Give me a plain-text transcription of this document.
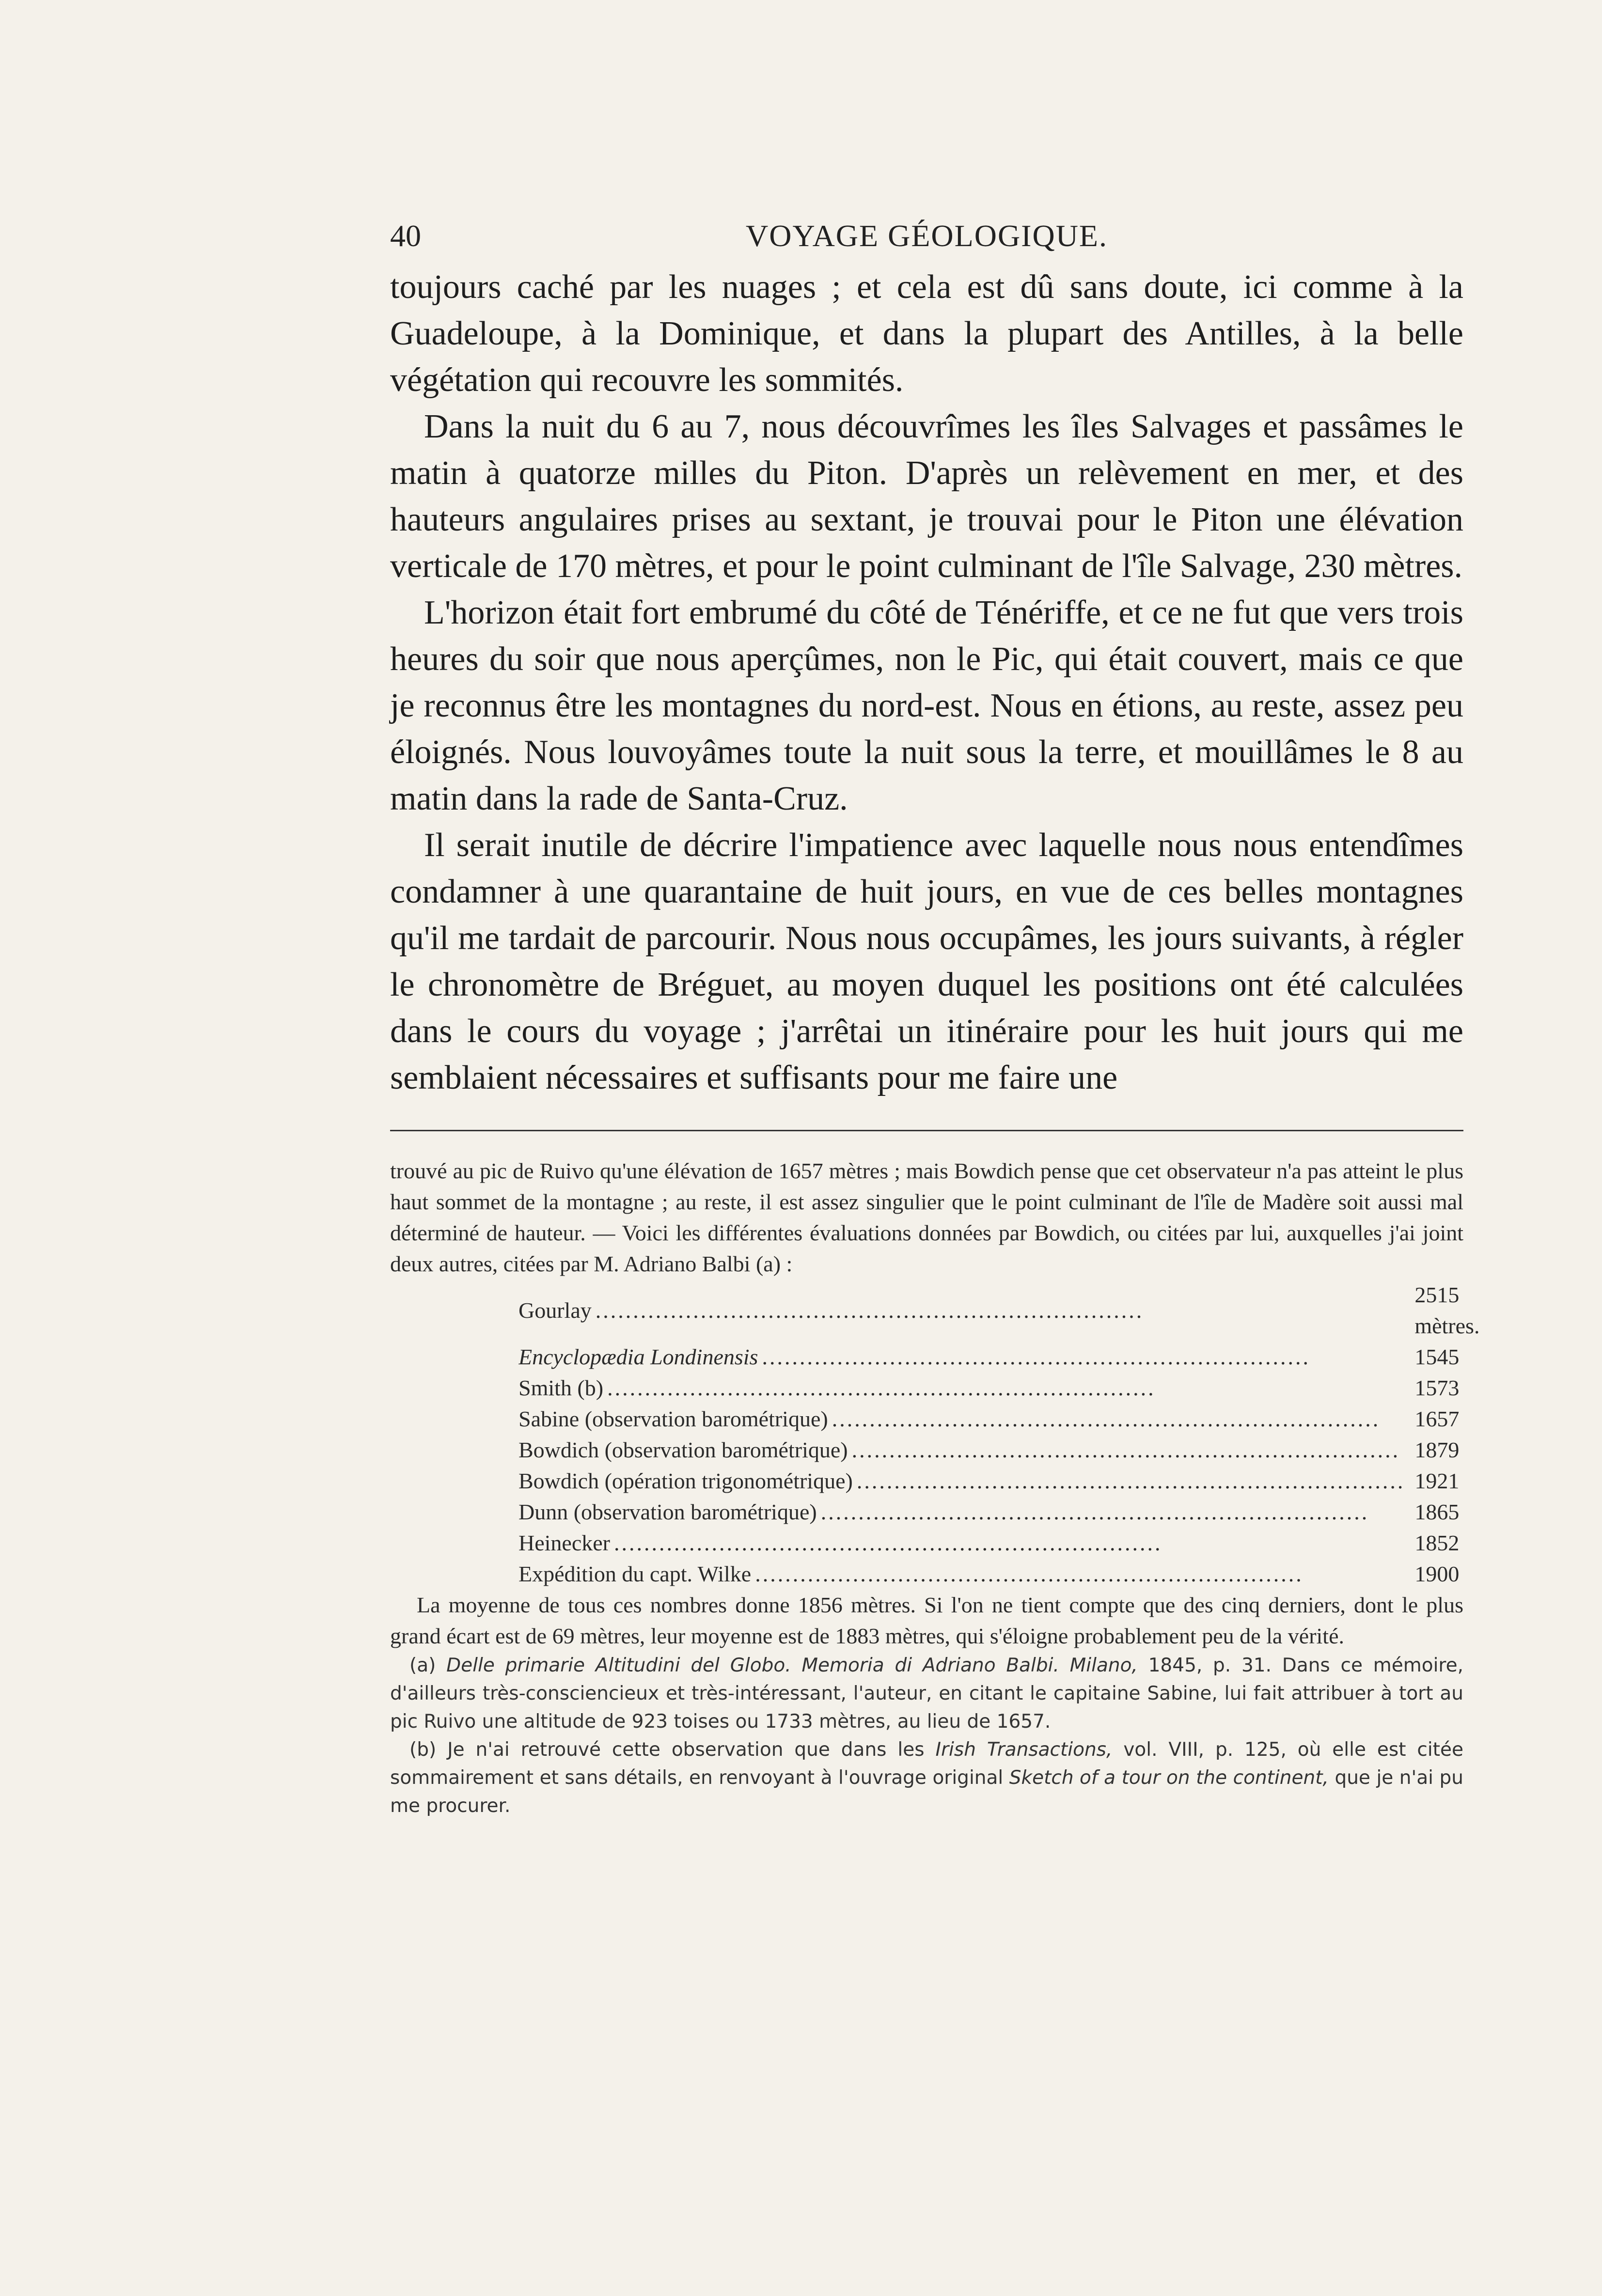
40	VOYAGE GÉOLOGIQUE.

toujours caché par les nuages ; et cela est dû sans doute, ici comme à la Guadeloupe, à la Dominique, et dans la plupart des Antilles, à la belle végétation qui recouvre les sommités.

Dans la nuit du 6 au 7, nous découvrîmes les îles Salvages et passâmes le matin à quatorze milles du Piton. D'après un relèvement en mer, et des hauteurs angulaires prises au sextant, je trouvai pour le Piton une élévation verticale de 170 mètres, et pour le point culminant de l'île Salvage, 230 mètres.

L'horizon était fort embrumé du côté de Ténériffe, et ce ne fut que vers trois heures du soir que nous aperçûmes, non le Pic, qui était couvert, mais ce que je reconnus être les montagnes du nord-est. Nous en étions, au reste, assez peu éloignés. Nous louvoyâmes toute la nuit sous la terre, et mouillâmes le 8 au matin dans la rade de Santa-Cruz.

Il serait inutile de décrire l'impatience avec laquelle nous nous entendîmes condamner à une quarantaine de huit jours, en vue de ces belles montagnes qu'il me tardait de parcourir. Nous nous occupâmes, les jours suivants, à régler le chronomètre de Bréguet, au moyen duquel les positions ont été calculées dans le cours du voyage ; j'arrêtai un itinéraire pour les huit jours qui me semblaient nécessaires et suffisants pour me faire une

trouvé au pic de Ruivo qu'une élévation de 1657 mètres ; mais Bowdich pense que cet observateur n'a pas atteint le plus haut sommet de la montagne ; au reste, il est assez singulier que le point culminant de l'île de Madère soit aussi mal déterminé de hauteur. — Voici les différentes évaluations données par Bowdich, ou citées par lui, auxquelles j'ai joint deux autres, citées par M. Adriano Balbi (a) :

Gourlay .........................................................................	2515 mètres.
Encyclopædia Londinensis .........................................................................	1545
Smith (b) .........................................................................	1573
Sabine (observation barométrique) .........................................................................	1657
Bowdich (observation barométrique) .........................................................................	1879
Bowdich (opération trigonométrique) .........................................................................	1921
Dunn (observation barométrique) .........................................................................	1865
Heinecker .........................................................................	1852
Expédition du capt. Wilke .........................................................................	1900

La moyenne de tous ces nombres donne 1856 mètres. Si l'on ne tient compte que des cinq derniers, dont le plus grand écart est de 69 mètres, leur moyenne est de 1883 mètres, qui s'éloigne probablement peu de la vérité.

(a) Delle primarie Altitudini del Globo. Memoria di Adriano Balbi. Milano, 1845, p. 31. Dans ce mémoire, d'ailleurs très-consciencieux et très-intéressant, l'auteur, en citant le capitaine Sabine, lui fait attribuer à tort au pic Ruivo une altitude de 923 toises ou 1733 mètres, au lieu de 1657.

(b) Je n'ai retrouvé cette observation que dans les Irish Transactions, vol. VIII, p. 125, où elle est citée sommairement et sans détails, en renvoyant à l'ouvrage original Sketch of a tour on the continent, que je n'ai pu me procurer.
